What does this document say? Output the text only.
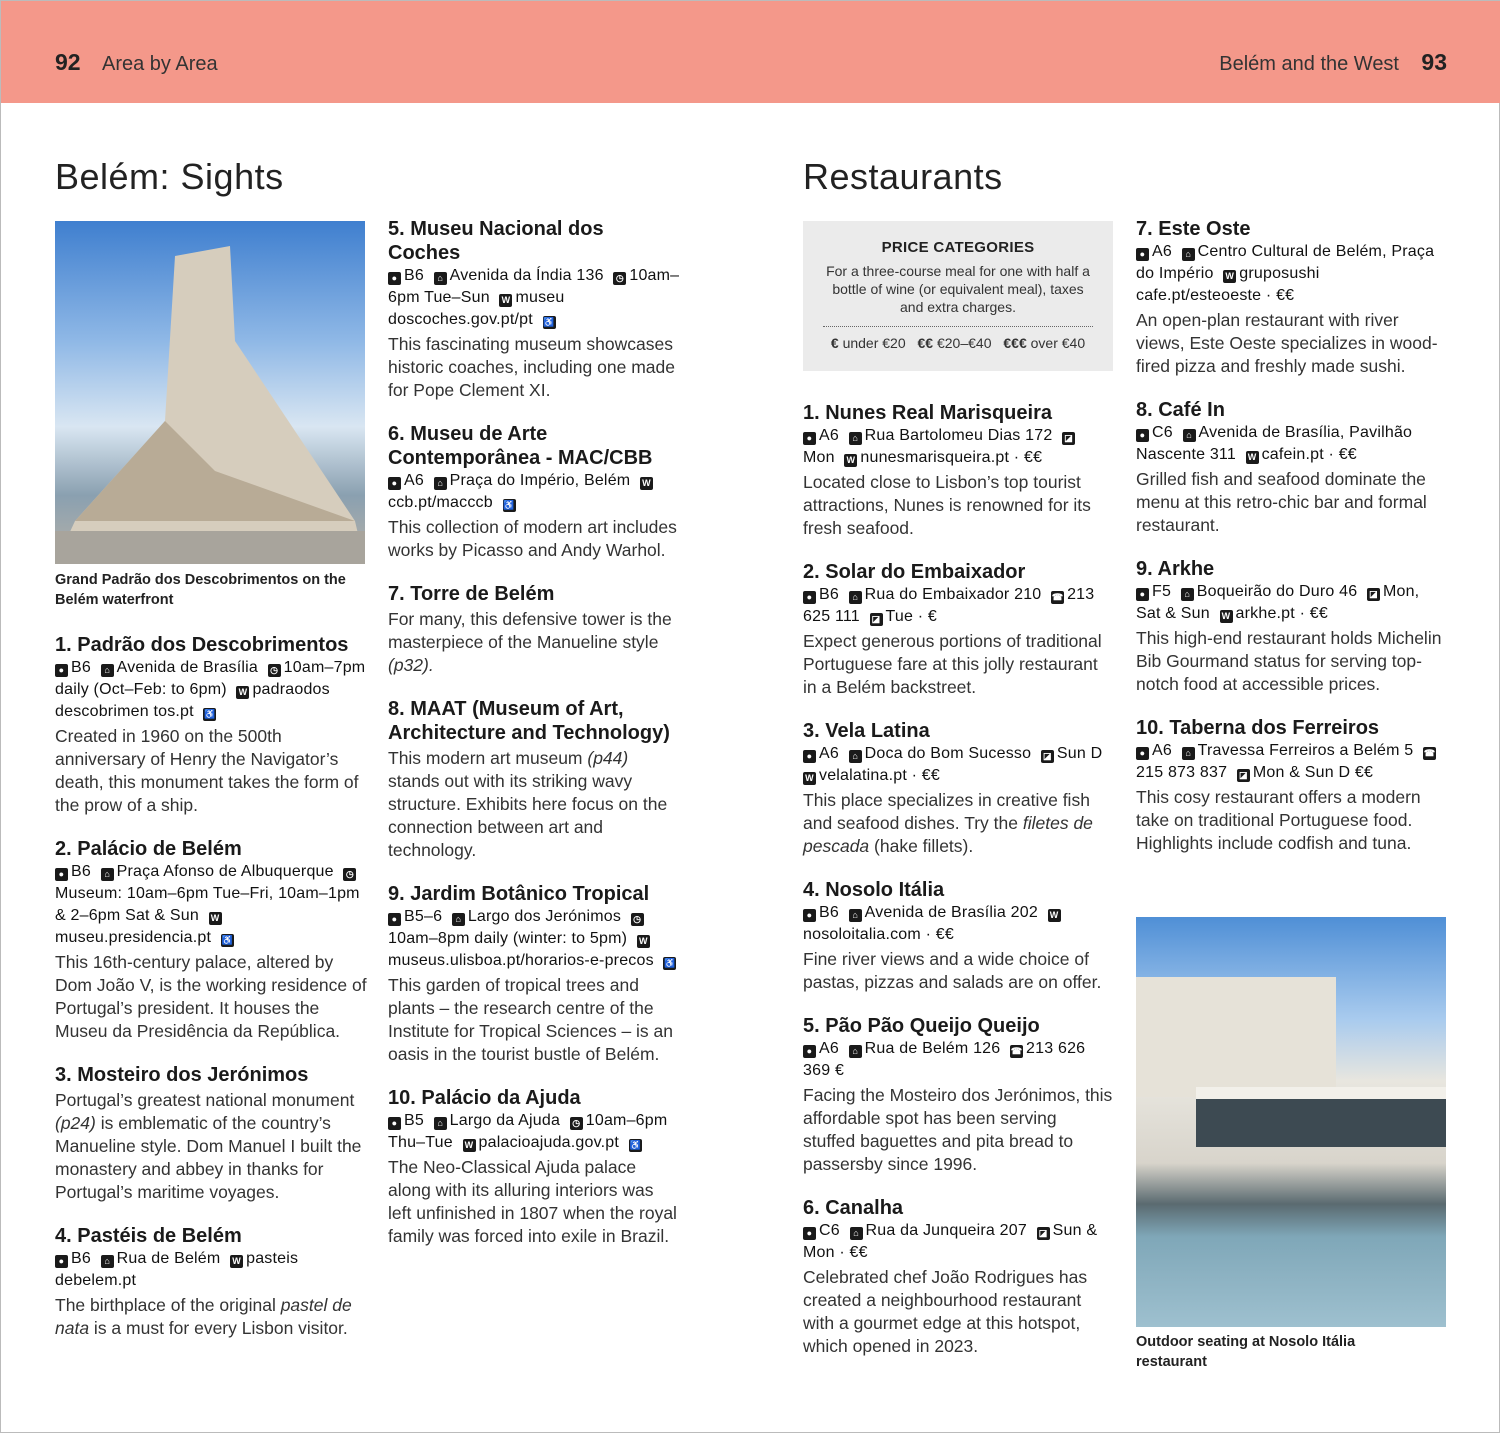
92 Area by Area	Belém and the West 93
Belém: Sights	Restaurants
Grand Padrão dos Descobrimentos on the Belém waterfront
1. Padrão dos Descobrimentos
● B6 ⌂ Avenida de Brasília ◷ 10am–7pm daily (Oct–Feb: to 6pm) W padraodos descobrimen tos.pt ♿
Created in 1960 on the 500th anniversary of Henry the Navigator’s death, this monument takes the form of the prow of a ship.
2. Palácio de Belém
● B6 ⌂ Praça Afonso de Albuquerque ◷Museum: 10am–6pm Tue–Fri, 10am–1pm & 2–6pm Sat & Sun Wmuseu.presidencia.pt ♿
This 16th-century palace, altered by Dom João V, is the working residence of Portugal’s president. It houses the Museu da Presidência da República.
3. Mosteiro dos Jerónimos
Portugal’s greatest national monument (p24) is emblematic of the country’s Manueline style. Dom Manuel I built the monastery and abbey in thanks for Portugal’s maritime voyages.
4. Pastéis de Belém
● B6 ⌂ Rua de Belém W pasteis debelem.pt
The birthplace of the original pastel de nata is a must for every Lisbon visitor.
5. Museu Nacional dos Coches
● B6 ⌂ Avenida da Índia 136 ◷ 10am–6pm Tue–Sun W museu doscoches.gov.pt/pt ♿
This fascinating museum showcases historic coaches, including one made for Pope Clement XI.
6. Museu de Arte Contemporânea - MAC/CBB
● A6 ⌂ Praça do Império, Belém Wccb.pt/macccb ♿
This collection of modern art includes works by Picasso and Andy Warhol.
7. Torre de Belém
For many, this defensive tower is the masterpiece of the Manueline style (p32).
8. MAAT (Museum of Art, Architecture and Technology)
This modern art museum (p44) stands out with its striking wavy structure. Exhibits here focus on the connection between art and technology.
9. Jardim Botânico Tropical
● B5–6 ⌂ Largo dos Jerónimos ◷10am–8pm daily (winter: to 5pm) Wmuseus.ulisboa.pt/horarios-e-precos ♿
This garden of tropical trees and plants – the research centre of the Institute for Tropical Sciences – is an oasis in the tourist bustle of Belém.
10. Palácio da Ajuda
● B5 ⌂ Largo da Ajuda ◷ 10am–6pm Thu–Tue W palacioajuda.gov.pt ♿
The Neo-Classical Ajuda palace along with its alluring interiors was left unfinished in 1807 when the royal family was forced into exile in Brazil.
PRICE CATEGORIES
For a three-course meal for one with half a bottle of wine (or equivalent meal), taxes and extra charges.
€ under €20 €€ €20–€40 €€€ over €40
1. Nunes Real Marisqueira
● A6 ⌂ Rua Bartolomeu Dias 172 ◪Mon W nunesmarisqueira.pt · €€
Located close to Lisbon’s top tourist attractions, Nunes is renowned for its fresh seafood.
2. Solar do Embaixador
● B6 ⌂ Rua do Embaixador 210 ☎ 213 625 111 ◪ Tue · €
Expect generous portions of traditional Portuguese fare at this jolly restaurant in a Belém backstreet.
3. Vela Latina
● A6 ⌂ Doca do Bom Sucesso ◪ Sun D W velalatina.pt · €€
This place specializes in creative fish and seafood dishes. Try the filetes de pescada (hake fillets).
4. Nosolo Itália
● B6 ⌂ Avenida de Brasília 202 Wnosoloitalia.com · €€
Fine river views and a wide choice of pastas, pizzas and salads are on offer.
5. Pão Pão Queijo Queijo
● A6 ⌂ Rua de Belém 126 ☎ 213 626 369 €
Facing the Mosteiro dos Jerónimos, this affordable spot has been serving stuffed baguettes and pita bread to passersby since 1996.
6. Canalha
● C6 ⌂ Rua da Junqueira 207 ◪ Sun & Mon · €€
Celebrated chef João Rodrigues has created a neighbourhood restaurant with a gourmet edge at this hotspot, which opened in 2023.
7. Este Oste
● A6 ⌂ Centro Cultural de Belém, Praça do Império W gruposushi cafe.pt/esteoeste · €€
An open-plan restaurant with river views, Este Oeste specializes in wood-fired pizza and freshly made sushi.
8. Café In
● C6 ⌂ Avenida de Brasília, Pavilhão Nascente 311 W cafein.pt · €€
Grilled fish and seafood dominate the menu at this retro-chic bar and formal restaurant.
9. Arkhe
● F5 ⌂ Boqueirão do Duro 46 ◪ Mon, Sat & Sun W arkhe.pt · €€
This high-end restaurant holds Michelin Bib Gourmand status for serving top-notch food at accessible prices.
10. Taberna dos Ferreiros
● A6 ⌂ Travessa Ferreiros a Belém 5 ☎215 873 837 ◪ Mon & Sun D €€
This cosy restaurant offers a modern take on traditional Portuguese food. Highlights include codfish and tuna.
Outdoor seating at Nosolo Itália restaurant
